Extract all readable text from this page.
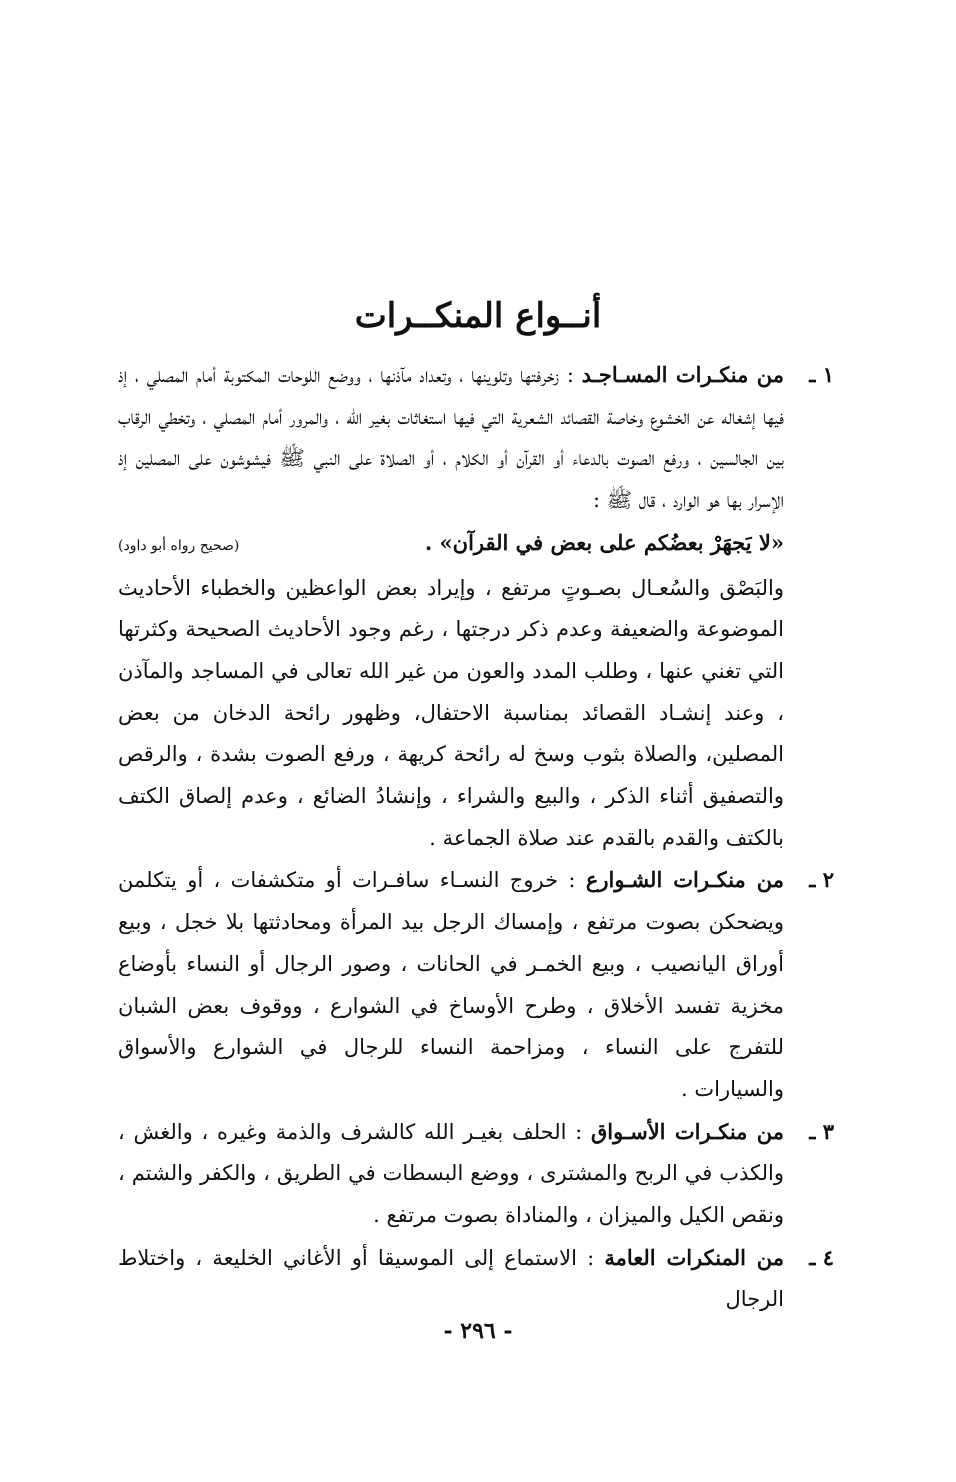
أنــواع المنكــرات
١ ـ
من منكـرات المسـاجـد : زخرفتها وتلوينها ، وتعداد مآذنها ، ووضع اللوحات المكتوبة أمام المصلي ، إذ فيها إشغاله عن الخشوع وخاصة القصائد الشعرية التي فيها استغاثات بغير الله ، والمرور أمام المصلي ، وتخطي الرقاب بين الجالسين ، ورفع الصوت بالدعاء أو القرآن أو الكلام ، أو الصلاة على النبي ﷺ فيشوشون على المصلين إذ الإسرار بها هو الوارد ، قال ﷺ :
«لا يَجهَرْ بعضُكم على بعض في القرآن» .
(صحيح رواه أبو داود)
والبَصْق والسُعـال بصـوتٍ مرتفع ، وإيراد بعض الواعظين والخطباء الأحاديث الموضوعة والضعيفة وعدم ذكر درجتها ، رغم وجود الأحاديث الصحيحة وكثرتها التي تغني عنها ، وطلب المدد والعون من غير الله تعالى في المساجد والمآذن ، وعند إنشـاد القصائد بمناسبة الاحتفال، وظهور رائحة الدخان من بعض المصلين، والصلاة بثوب وسخ له رائحة كريهة ، ورفع الصوت بشدة ، والرقص والتصفيق أثناء الذكر ، والبيع والشراء ، وإنشادُ الضائع ، وعدم إلصاق الكتف بالكتف والقدم بالقدم عند صلاة الجماعة .
٢ ـ
من منكـرات الشـوارع : خروج النسـاء سافـرات أو متكشفات ، أو يتكلمن ويضحكن بصوت مرتفع ، وإمساك الرجل بيد المرأة ومحادثتها بلا خجل ، وبيع أوراق اليانصيب ، وبيع الخمـر في الحانات ، وصور الرجال أو النساء بأوضاع مخزية تفسد الأخلاق ، وطرح الأوساخ في الشوارع ، ووقوف بعض الشبان للتفرج على النساء ، ومزاحمة النساء للرجال في الشوارع والأسواق والسيارات .
٣ ـ
من منكـرات الأسـواق : الحلف بغيـر الله كالشرف والذمة وغيره ، والغش ، والكذب في الربح والمشترى ، ووضع البسطات في الطريق ، والكفر والشتم ، ونقص الكيل والميزان ، والمناداة بصوت مرتفع .
٤ ـ
من المنكرات العامة : الاستماع إلى الموسيقا أو الأغاني الخليعة ، واختلاط الرجال
- ٢٩٦ -
